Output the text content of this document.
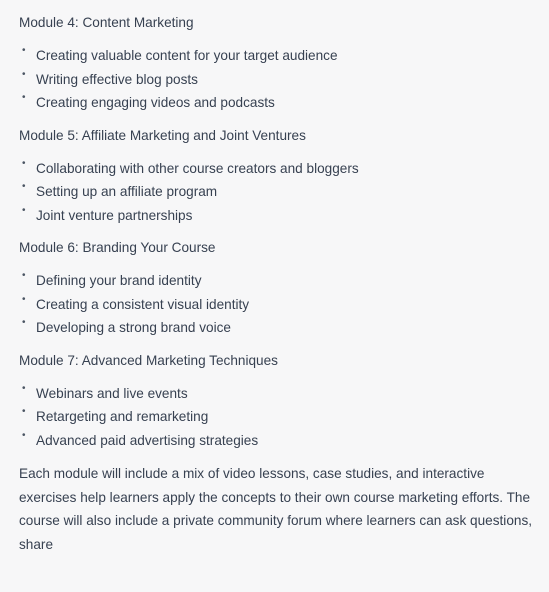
Module 4: Content Marketing

• Creating valuable content for your target audience
• Writing effective blog posts
• Creating engaging videos and podcasts

Module 5: Affiliate Marketing and Joint Ventures

• Collaborating with other course creators and bloggers
• Setting up an affiliate program
• Joint venture partnerships

Module 6: Branding Your Course

• Defining your brand identity
• Creating a consistent visual identity
• Developing a strong brand voice

Module 7: Advanced Marketing Techniques

• Webinars and live events
• Retargeting and remarketing
• Advanced paid advertising strategies

Each module will include a mix of video lessons, case studies, and interactive exercises help learners apply the concepts to their own course marketing efforts. The course will also include a private community forum where learners can ask questions, share
